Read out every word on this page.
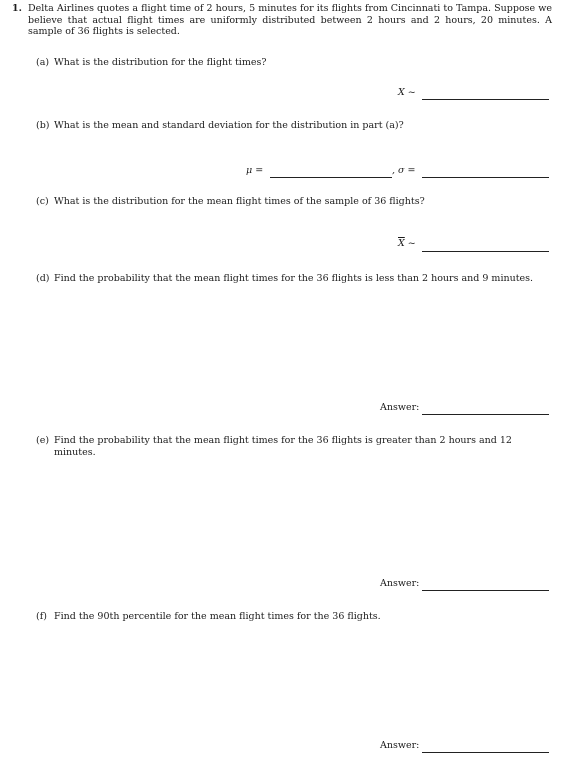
1. Delta Airlines quotes a flight time of 2 hours, 5 minutes for its flights from Cincinnati to Tampa. Suppose we believe that actual flight times are uniformly distributed between 2 hours and 2 hours, 20 minutes. A sample of 36 flights is selected.
(a) What is the distribution for the flight times?
X ~
(b) What is the mean and standard deviation for the distribution in part (a)?
μ =	, σ =
(c) What is the distribution for the mean flight times of the sample of 36 flights?
$\overline{X}$ ~
(d) Find the probability that the mean flight times for the 36 flights is less than 2 hours and 9 minutes.
Answer:
(e) Find the probability that the mean flight times for the 36 flights is greater than 2 hours and 12 minutes.
Answer:
(f) Find the 90th percentile for the mean flight times for the 36 flights.
Answer:
